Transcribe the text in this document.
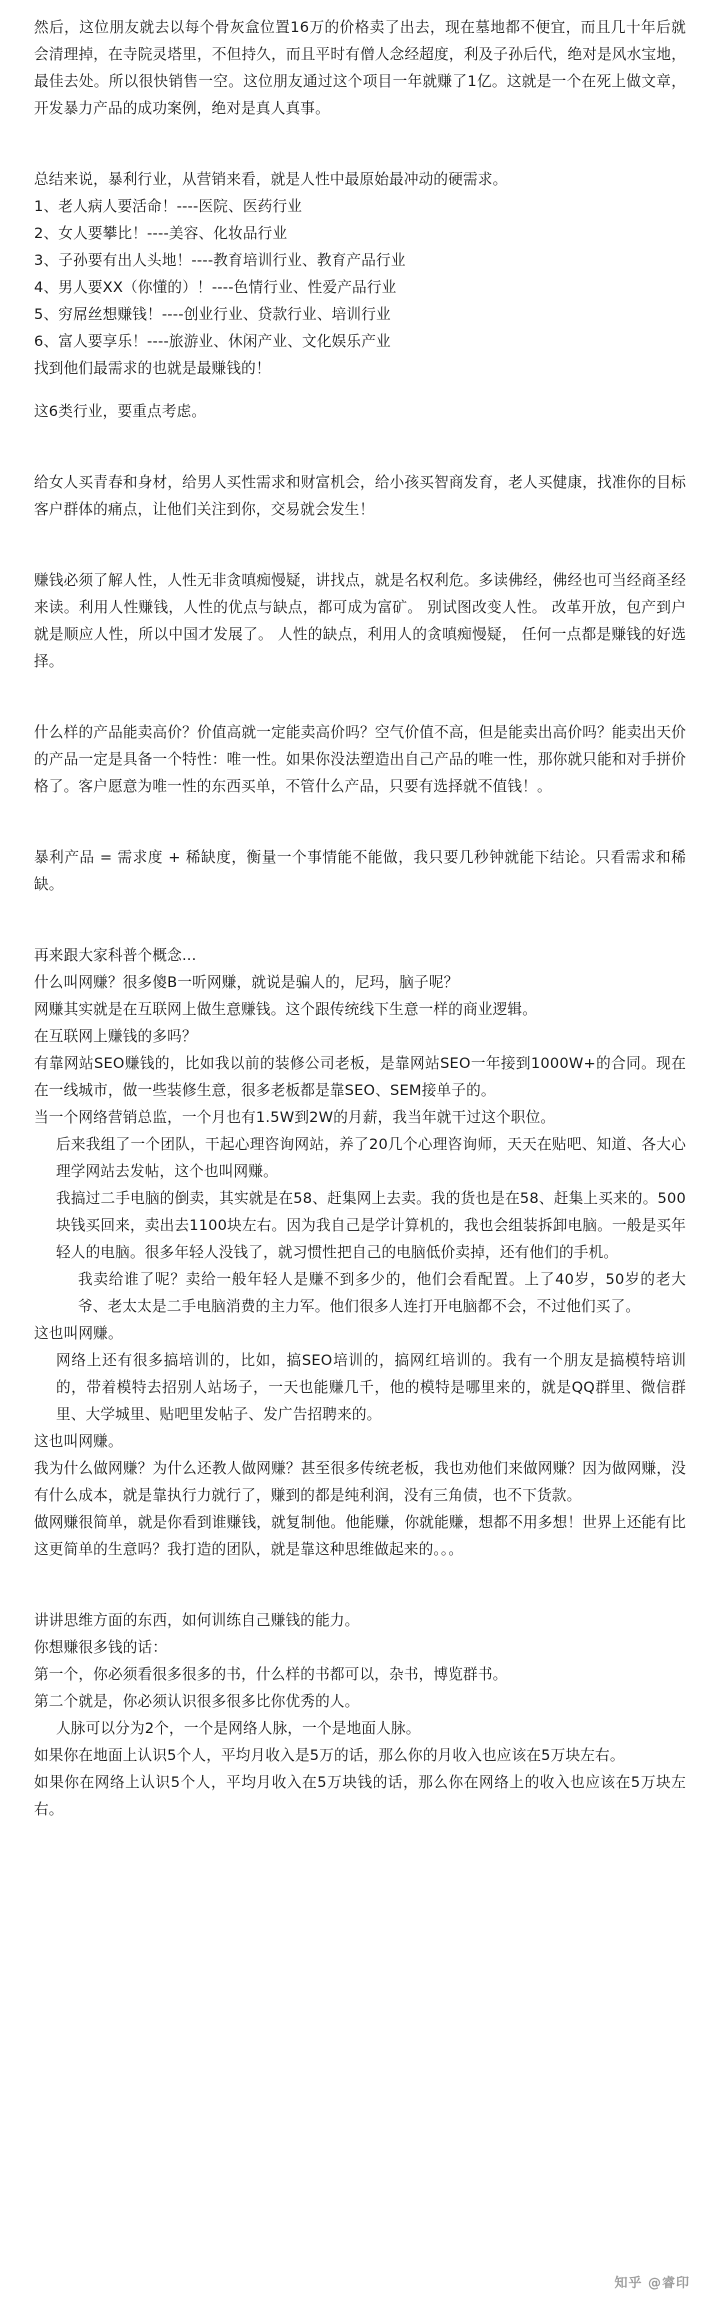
然后，这位朋友就去以每个骨灰盒位置16万的价格卖了出去，现在墓地都不便宜，而且几十年后就会清理掉，在寺院灵塔里，不但持久，而且平时有僧人念经超度，利及子孙后代，绝对是风水宝地，最佳去处。所以很快销售一空。这位朋友通过这个项目一年就赚了1亿。这就是一个在死上做文章，开发暴力产品的成功案例，绝对是真人真事。

总结来说，暴利行业，从营销来看，就是人性中最原始最冲动的硬需求。

1、老人病人要活命！----医院、医药行业

2、女人要攀比！----美容、化妆品行业

3、子孙要有出人头地！----教育培训行业、教育产品行业

4、男人要XX（你懂的）！----色情行业、性爱产品行业

5、穷屌丝想赚钱！----创业行业、贷款行业、培训行业

6、富人要享乐！----旅游业、休闲产业、文化娱乐产业

找到他们最需求的也就是最赚钱的！

这6类行业，要重点考虑。

给女人买青春和身材，给男人买性需求和财富机会，给小孩买智商发育，老人买健康，找准你的目标客户群体的痛点，让他们关注到你，交易就会发生！

赚钱必须了解人性，人性无非贪嗔痴慢疑，讲找点，就是名权利危。多读佛经，佛经也可当经商圣经来读。利用人性赚钱，人性的优点与缺点，都可成为富矿。 别试图改变人性。 改革开放，包产到户就是顺应人性，所以中国才发展了。 人性的缺点，利用人的贪嗔痴慢疑， 任何一点都是赚钱的好选择。

什么样的产品能卖高价？价值高就一定能卖高价吗？空气价值不高，但是能卖出高价吗？能卖出天价的产品一定是具备一个特性：唯一性。如果你没法塑造出自己产品的唯一性，那你就只能和对手拼价格了。客户愿意为唯一性的东西买单，不管什么产品，只要有选择就不值钱！。

暴利产品 = 需求度 + 稀缺度，衡量一个事情能不能做，我只要几秒钟就能下结论。只看需求和稀缺。

再来跟大家科普个概念...

什么叫网赚？很多傻B一听网赚，就说是骗人的，尼玛，脑子呢？

网赚其实就是在互联网上做生意赚钱。这个跟传统线下生意一样的商业逻辑。

在互联网上赚钱的多吗？

有靠网站SEO赚钱的，比如我以前的装修公司老板，是靠网站SEO一年接到1000W+的合同。现在在一线城市，做一些装修生意，很多老板都是靠SEO、SEM接单子的。

当一个网络营销总监，一个月也有1.5W到2W的月薪，我当年就干过这个职位。

后来我组了一个团队，干起心理咨询网站，养了20几个心理咨询师，天天在贴吧、知道、各大心理学网站去发帖，这个也叫网赚。

我搞过二手电脑的倒卖，其实就是在58、赶集网上去卖。我的货也是在58、赶集上买来的。500块钱买回来，卖出去1100块左右。因为我自己是学计算机的，我也会组装拆卸电脑。一般是买年轻人的电脑。很多年轻人没钱了，就习惯性把自己的电脑低价卖掉，还有他们的手机。

我卖给谁了呢？卖给一般年轻人是赚不到多少的，他们会看配置。上了40岁，50岁的老大爷、老太太是二手电脑消费的主力军。他们很多人连打开电脑都不会，不过他们买了。

这也叫网赚。

网络上还有很多搞培训的，比如，搞SEO培训的，搞网红培训的。我有一个朋友是搞模特培训的，带着模特去招别人站场子，一天也能赚几千，他的模特是哪里来的，就是QQ群里、微信群里、大学城里、贴吧里发帖子、发广告招聘来的。

这也叫网赚。

我为什么做网赚？为什么还教人做网赚？甚至很多传统老板，我也劝他们来做网赚？因为做网赚，没有什么成本，就是靠执行力就行了，赚到的都是纯利润，没有三角债，也不下货款。

做网赚很简单，就是你看到谁赚钱，就复制他。他能赚，你就能赚，想都不用多想！世界上还能有比这更简单的生意吗？我打造的团队，就是靠这种思维做起来的。。。

讲讲思维方面的东西，如何训练自己赚钱的能力。

你想赚很多钱的话：

第一个，你必须看很多很多的书，什么样的书都可以，杂书，博览群书。

第二个就是，你必须认识很多很多比你优秀的人。

人脉可以分为2个，一个是网络人脉，一个是地面人脉。

如果你在地面上认识5个人，平均月收入是5万的话，那么你的月收入也应该在5万块左右。

如果你在网络上认识5个人，平均月收入在5万块钱的话，那么你在网络上的收入也应该在5万块左右。

知乎 @睿印
